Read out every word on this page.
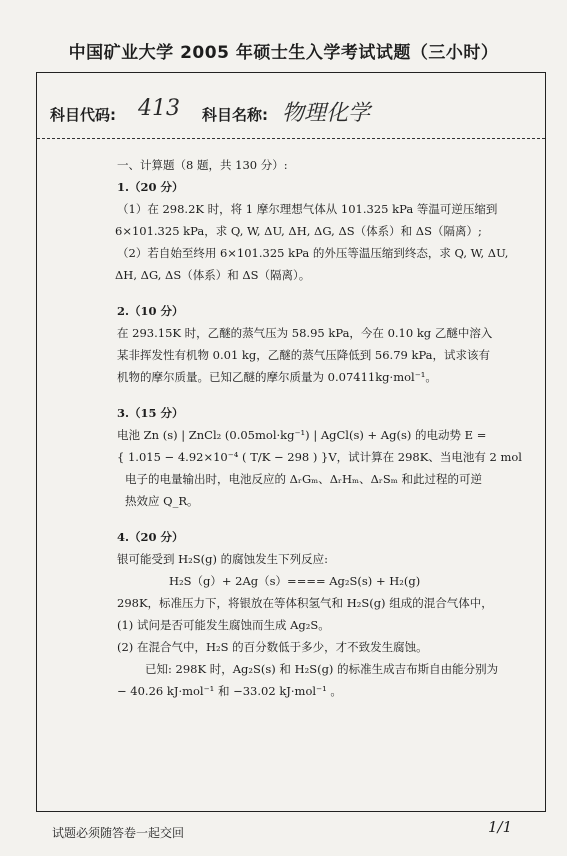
中国矿业大学 2005 年硕士生入学考试试题（三小时）
科目代码: 413 科目名称: 物理化学
一、计算题（8 题，共 130 分）:
1.（20 分）
（1）在 298.2K 时，将 1 摩尔理想气体从 101.325 kPa 等温可逆压缩到
6×101.325 kPa，求 Q, W, ΔU, ΔH, ΔG, ΔS（体系）和 ΔS（隔离）;
（2）若自始至终用 6×101.325 kPa 的外压等温压缩到终态，求 Q, W, ΔU,
ΔH, ΔG, ΔS（体系）和 ΔS（隔离）。
2.（10 分）
在 293.15K 时，乙醚的蒸气压为 58.95 kPa，今在 0.10 kg 乙醚中溶入
某非挥发性有机物 0.01 kg，乙醚的蒸气压降低到 56.79 kPa，试求该有
机物的摩尔质量。已知乙醚的摩尔质量为 0.07411kg·mol⁻¹。
3.（15 分）
电池 Zn (s) | ZnCl₂ (0.05mol·kg⁻¹) | AgCl(s) + Ag(s) 的电动势 E =
{ 1.015 − 4.92×10⁻⁴ ( T/K − 298 ) }V，试计算在 298K、当电池有 2 mol
电子的电量输出时，电池反应的 ΔᵣGₘ、ΔᵣHₘ、ΔᵣSₘ 和此过程的可逆
热效应 Q_R。
4.（20 分）
银可能受到 H₂S(g) 的腐蚀发生下列反应:
H₂S（g）+ 2Ag（s）==== Ag₂S(s) + H₂(g)
298K，标准压力下，将银放在等体积氢气和 H₂S(g) 组成的混合气体中，
(1) 试问是否可能发生腐蚀而生成 Ag₂S。
(2) 在混合气中，H₂S 的百分数低于多少，才不致发生腐蚀。
已知: 298K 时，Ag₂S(s) 和 H₂S(g) 的标准生成吉布斯自由能分别为
− 40.26 kJ·mol⁻¹ 和 −33.02 kJ·mol⁻¹ 。
试题必须随答卷一起交回	1/1
